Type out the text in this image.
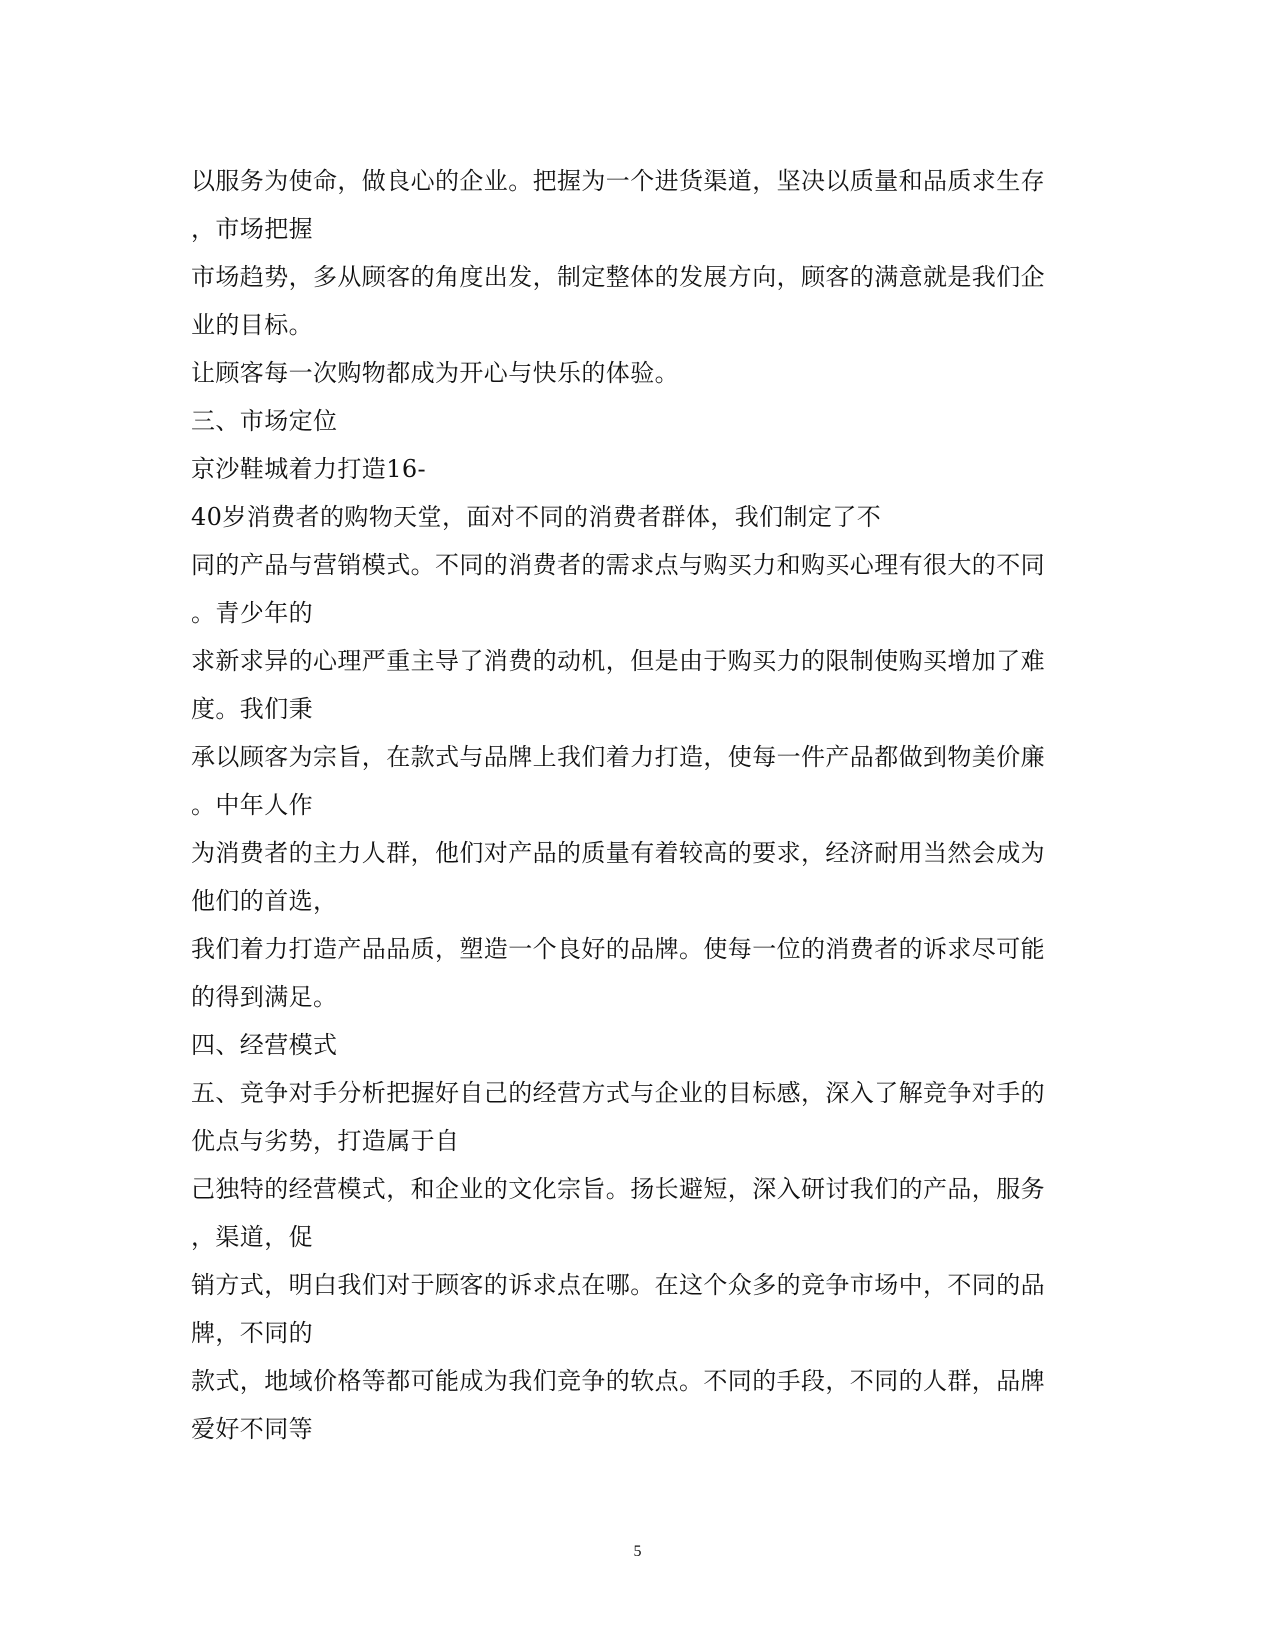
以服务为使命，做良心的企业。把握为一个进货渠道，坚决以质量和品质求生存
，市场把握
市场趋势，多从顾客的角度出发，制定整体的发展方向，顾客的满意就是我们企
业的目标。
让顾客每一次购物都成为开心与快乐的体验。
三、市场定位
京沙鞋城着力打造16-
40岁消费者的购物天堂，面对不同的消费者群体，我们制定了不
同的产品与营销模式。不同的消费者的需求点与购买力和购买心理有很大的不同
。青少年的
求新求异的心理严重主导了消费的动机，但是由于购买力的限制使购买增加了难
度。我们秉
承以顾客为宗旨，在款式与品牌上我们着力打造，使每一件产品都做到物美价廉
。中年人作
为消费者的主力人群，他们对产品的质量有着较高的要求，经济耐用当然会成为
他们的首选，
我们着力打造产品品质，塑造一个良好的品牌。使每一位的消费者的诉求尽可能
的得到满足。
四、经营模式
五、竞争对手分析把握好自己的经营方式与企业的目标感，深入了解竞争对手的
优点与劣势，打造属于自
己独特的经营模式，和企业的文化宗旨。扬长避短，深入研讨我们的产品，服务
，渠道，促
销方式，明白我们对于顾客的诉求点在哪。在这个众多的竞争市场中，不同的品
牌，不同的
款式，地域价格等都可能成为我们竞争的软点。不同的手段，不同的人群，品牌
爱好不同等
5
